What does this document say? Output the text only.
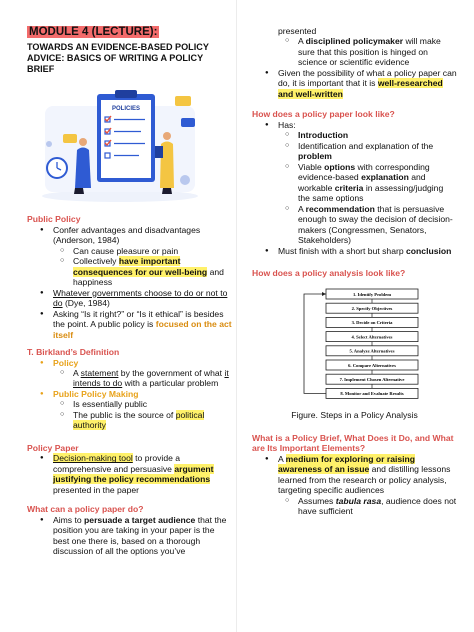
MODULE 4 (LECTURE):
TOWARDS AN EVIDENCE-BASED POLICY ADVICE: BASICS OF WRITING A POLICY BRIEF
POLICIES
Public Policy
● Confer advantages and disadvantages (Anderson, 1984)
○ Can cause pleasure or pain
○ Collectively have important consequences for our well-being and happiness
● Whatever governments choose to do or not to do (Dye, 1984)
● Asking “Is it right?” or “Is it ethical” is besides the point. A public policy is focused on the act itself
T. Birkland’s Definition
● Policy
○ A statement by the government of what it intends to do with a particular problem
● Public Policy Making
○ Is essentially public
○ The public is the source of political authority
Policy Paper
● Decision-making tool to provide a comprehensive and persuasive argument justifying the policy recommendations presented in the paper
What can a policy paper do?
● Aims to persuade a target audience that the position you are taking in your paper is the best one there is, based on a thorough discussion of all the options you’ve
presented
○ A disciplined policymaker will make sure that this position is hinged on science or scientific evidence
● Given the possibility of what a policy paper can do, it is important that it is well-researched and well-written
How does a policy paper look like?
● Has:
○ Introduction
○ Identification and explanation of the problem
○ Viable options with corresponding evidence-based explanation and workable criteria in assessing/judging the same options
○ A recommendation that is persuasive enough to sway the decision of decision-makers (Congressmen, Senators, Stakeholders)
● Must finish with a short but sharp conclusion
How does a policy analysis look like?
1. Identify Problem
2. Specify Objectives
3. Decide on Criteria
4. Select Alternatives
5. Analyze Alternatives
6. Compare Alternatives
7. Implement Chosen Alternative
8. Monitor and Evaluate Results
Figure. Steps in a Policy Analysis
What is a Policy Brief, What Does it Do, and What are Its Important Elements?
● A medium for exploring or raising awareness of an issue and distilling lessons learned from the research or policy analysis, targeting specific audiences
○ Assumes tabula rasa, audience does not have sufficient
